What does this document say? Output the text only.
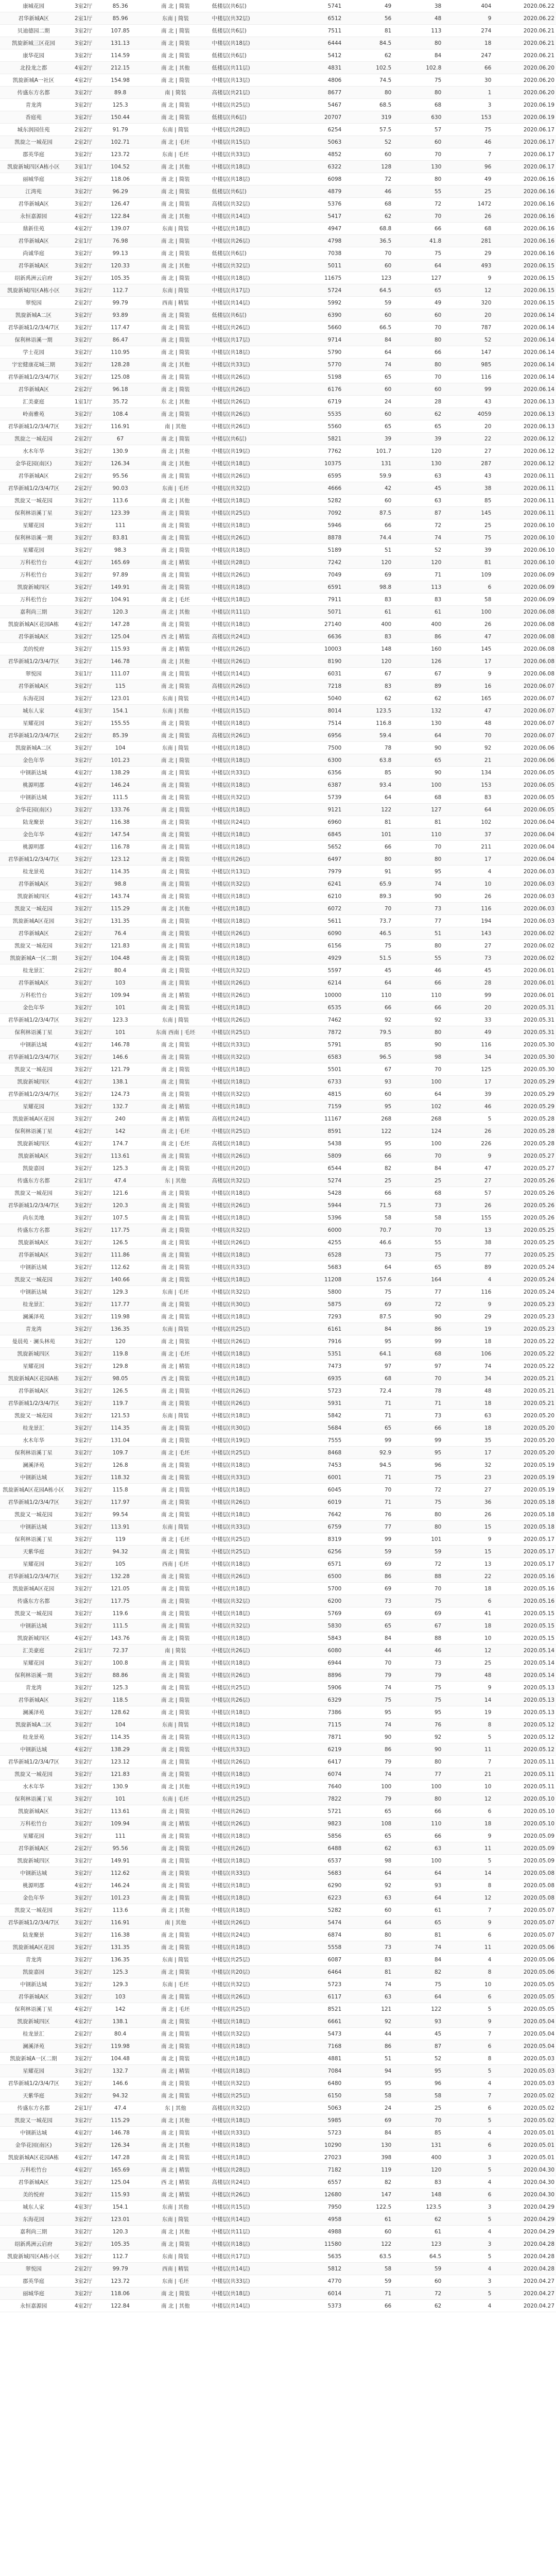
康城花园	3室2厅	85.36	南 北 | 简装	低楼层(共6层)	5741	49	38	404	2020.06.22
君华新城A区	2室1厅	85.96	东南 | 简装	中楼层(共32层)	6512	56	48	9	2020.06.22
贝迪德园二期	3室2厅	107.85	南 北 | 简装	低楼层(共6层)	7511	81	113	274	2020.06.21
凯旋新城三区花园	3室2厅	131.13	南 北 | 简装	中楼层(共18层)	6444	84.5	80	18	2020.06.21
康华花园	3室2厅	114.59	南 北 | 简装	低楼层(共6层)	5412	62	84	247	2020.06.21
北投龙之都	4室2厅	212.15	南 北 | 其他	低楼层(共11层)	4831	102.5	102.8	66	2020.06.20
凯旋新城A一社区	4室2厅	154.98	南 北 | 简装	中楼层(共13层)	4806	74.5	75	30	2020.06.20
传盛东方名都	3室2厅	89.8	南 | 简装	高楼层(共21层)	8677	80	80	1	2020.06.20
青龙湾	3室2厅	125.3	南 北 | 简装	中楼层(共25层)	5467	68.5	68	3	2020.06.19
香庭苑	3室2厅	150.44	南 北 | 简装	低楼层(共6层)	20707	319	630	153	2020.06.19
城东润园佳苑	2室2厅	91.79	东南 | 简装	中楼层(共28层)	6254	57.5	57	75	2020.06.17
凯旋之一城花园	2室2厅	102.71	南 北 | 毛坯	中楼层(共15层)	5063	52	60	46	2020.06.17
郡英华庭	3室2厅	123.72	东南 | 毛坯	中楼层(共33层)	4852	60	70	7	2020.06.17
凯旋新城四区A栋小区	3室1厅	104.52	南 北 | 其他	中楼层(共18层)	6322	128	130	96	2020.06.17
丽城华庭	3室2厅	118.06	南 北 | 简装	中楼层(共18层)	6098	72	80	49	2020.06.16
江湾苑	3室2厅	96.29	南 北 | 简装	低楼层(共6层)	4879	46	55	25	2020.06.16
君华新城A区	3室2厅	126.47	南 北 | 简装	高楼层(共32层)	5376	68	72	1472	2020.06.16
永恒嘉源园	4室2厅	122.84	南 北 | 其他	中楼层(共14层)	5417	62	70	26	2020.06.16
鼎新佳苑	4室2厅	139.07	东南 | 简装	中楼层(共18层)	4947	68.8	66	68	2020.06.16
君华新城A区	2室1厅	76.98	南 北 | 简装	中楼层(共26层)	4798	36.5	41.8	281	2020.06.16
尚诚华庭	3室2厅	99.13	南 北 | 简装	低楼层(共6层)	7038	70	75	29	2020.06.16
君华新城A区	3室2厅	120.33	南 北 | 其他	中楼层(共32层)	5011	60	64	493	2020.06.15
绍新禹洲云启府	3室2厅	105.35	南 北 | 简装	中楼层(共18层)	11675	123	127	9	2020.06.15
凯旋新城四区A栋小区	3室2厅	112.7	东南 | 简装	中楼层(共17层)	5724	64.5	65	12	2020.06.15
翠悦园	2室2厅	99.79	西南 | 精装	中楼层(共14层)	5992	59	49	320	2020.06.15
凯旋新城A二区	3室2厅	93.89	南 北 | 简装	低楼层(共6层)	6390	60	60	20	2020.06.14
君华新城1/2/3/4/7区	3室2厅	117.47	南 北 | 简装	中楼层(共26层)	5660	66.5	70	787	2020.06.14
保利林语溪一期	3室2厅	86.47	南 北 | 简装	中楼层(共17层)	9714	84	80	52	2020.06.14
学士花园	3室2厅	110.95	南 北 | 简装	中楼层(共18层)	5790	64	66	147	2020.06.14
宇宏健康花城三期	3室2厅	128.28	南 北 | 其他	中楼层(共33层)	5770	74	80	985	2020.06.14
君华新城1/2/3/4/7区	3室2厅	125.08	南 北 | 简装	中楼层(共26层)	5198	65	70	116	2020.06.14
君华新城A区	2室2厅	96.18	南 北 | 简装	中楼层(共26层)	6176	60	60	99	2020.06.14
汇美豪庭	1室1厅	35.72	东 北 | 其他	中楼层(共26层)	6719	24	28	43	2020.06.13
岭南雅苑	3室2厅	108.4	南 北 | 简装	中楼层(共26层)	5535	60	62	4059	2020.06.13
君华新城1/2/3/4/7区	3室2厅	116.91	南 | 其他	中楼层(共26层)	5560	65	65	20	2020.06.13
凯旋之一城花园	2室2厅	67	南 北 | 简装	中楼层(共6层)	5821	39	39	22	2020.06.12
水木年华	3室2厅	130.9	南 北 | 其他	中楼层(共19层)	7762	101.7	120	27	2020.06.12
金华花园(南区)	3室2厅	126.34	南 北 | 其他	中楼层(共18层)	10375	131	130	287	2020.06.12
君华新城A区	2室2厅	95.56	南 北 | 简装	中楼层(共26层)	6595	59.9	63	43	2020.06.11
君华新城1/2/3/4/7区	2室2厅	90.03	东南 | 毛坯	中楼层(共32层)	4666	42	45	38	2020.06.11
凯旋又一城花园	3室2厅	113.6	南 北 | 其他	中楼层(共18层)	5282	60	63	85	2020.06.11
保利林语溪丁星	3室2厅	123.39	南 北 | 简装	中楼层(共25层)	7092	87.5	87	145	2020.06.11
星耀花园	3室2厅	111	南 北 | 简装	中楼层(共18层)	5946	66	72	25	2020.06.10
保利林语溪一期	3室2厅	83.81	南 北 | 简装	中楼层(共26层)	8878	74.4	74	75	2020.06.10
星耀花园	3室2厅	98.3	南 北 | 简装	中楼层(共18层)	5189	51	52	39	2020.06.10
万科松竹台	4室2厅	165.69	南 北 | 精装	中楼层(共28层)	7242	120	120	81	2020.06.10
万科松竹台	3室2厅	97.89	南 北 | 简装	中楼层(共26层)	7049	69	71	109	2020.06.09
凯旋新城四区	3室2厅	149.91	南 北 | 简装	中楼层(共18层)	6591	98.8	113	6	2020.06.09
万科松竹台	3室2厅	104.91	南 北 | 毛坯	中楼层(共18层)	7911	83	83	58	2020.06.09
嘉利尚三期	3室2厅	120.3	南 北 | 其他	中楼层(共11层)	5071	61	61	100	2020.06.08
凯旋新城A区花园A栋	4室2厅	147.28	南 北 | 简装	中楼层(共18层)	27140	400	400	26	2020.06.08
君华新城A区	3室2厅	125.04	西 北 | 精装	高楼层(共24层)	6636	83	86	47	2020.06.08
美的悦府	3室2厅	115.93	南 北 | 精装	中楼层(共26层)	10003	148	160	145	2020.06.08
君华新城1/2/3/4/7区	3室2厅	146.78	南 北 | 其他	中楼层(共26层)	8190	120	126	17	2020.06.08
翠悦园	3室1厅	111.07	南 北 | 简装	中楼层(共14层)	6031	67	67	9	2020.06.08
君华新城A区	3室2厅	115	南 北 | 简装	高楼层(共26层)	7218	83	89	16	2020.06.07
东海花园	3室2厅	123.01	东南 | 简装	中楼层(共14层)	5040	62	62	165	2020.06.07
城东人家	4室3厅	154.1	东南 | 其他	中楼层(共15层)	8014	123.5	132	47	2020.06.07
星耀花园	3室2厅	155.55	南 北 | 简装	中楼层(共18层)	7514	116.8	130	48	2020.06.07
君华新城1/2/3/4/7区	2室2厅	85.39	南 北 | 简装	高楼层(共26层)	6956	59.4	64	70	2020.06.07
凯旋新城A二区	3室2厅	104	东南 | 简装	中楼层(共18层)	7500	78	90	92	2020.06.06
金色年华	3室2厅	101.23	南 北 | 简装	中楼层(共18层)	6300	63.8	65	21	2020.06.06
中钢新达城	4室2厅	138.29	南 北 | 简装	中楼层(共33层)	6356	85	90	134	2020.06.05
桃源明郡	4室2厅	146.24	南 北 | 简装	中楼层(共18层)	6387	93.4	100	153	2020.06.05
中钢新达城	3室2厅	111.5	南 北 | 简装	中楼层(共32层)	5739	64	68	83	2020.06.05
金华花园(南区)	3室2厅	133.76	南 北 | 简装	中楼层(共18层)	9121	122	127	64	2020.06.05
陆龙聚景	3室2厅	116.38	南 北 | 简装	中楼层(共24层)	6960	81	81	102	2020.06.04
金色年华	4室2厅	147.54	南 北 | 简装	中楼层(共18层)	6845	101	110	37	2020.06.04
桃源明郡	4室2厅	116.78	南 北 | 简装	中楼层(共18层)	5652	66	70	211	2020.06.04
君华新城1/2/3/4/7区	3室2厅	123.12	南 北 | 简装	中楼层(共26层)	6497	80	80	17	2020.06.04
桂龙景苑	3室2厅	114.35	南 北 | 简装	中楼层(共13层)	7979	91	95	4	2020.06.03
君华新城A区	3室2厅	98.8	南 北 | 简装	中楼层(共32层)	6241	65.9	74	10	2020.06.03
凯旋新城四区	4室2厅	143.74	南 北 | 简装	中楼层(共18层)	6210	89.3	90	26	2020.06.03
凯旋又一城花园	3室2厅	115.29	南 北 | 其他	中楼层(共18层)	6072	70	73	116	2020.06.03
凯旋新城A区花园	3室2厅	131.35	南 北 | 简装	中楼层(共18层)	5611	73.7	77	194	2020.06.03
君华新城A区	2室2厅	76.4	南 北 | 简装	中楼层(共26层)	6090	46.5	51	143	2020.06.02
凯旋又一城花园	3室2厅	121.83	南 北 | 简装	中楼层(共18层)	6156	75	80	27	2020.06.02
凯旋新城A一区二期	3室2厅	104.48	南 北 | 简装	中楼层(共18层)	4929	51.5	55	73	2020.06.02
桂龙景汇	2室2厅	80.4	南 北 | 简装	中楼层(共32层)	5597	45	46	45	2020.06.01
君华新城A区	3室2厅	103	南 北 | 简装	中楼层(共26层)	6214	64	66	28	2020.06.01
万科松竹台	3室2厅	109.94	南 北 | 精装	中楼层(共26层)	10000	110	110	99	2020.06.01
金色年华	3室2厅	101	南 北 | 简装	中楼层(共18层)	6535	66	66	20	2020.05.31
君华新城1/2/3/4/7区	3室2厅	123.3	东南 | 简装	中楼层(共26层)	7462	92	92	33	2020.05.31
保利林语溪丁星	3室2厅	101	东南 西南 | 毛坯	中楼层(共25层)	7872	79.5	80	49	2020.05.31
中钢新达城	4室2厅	146.78	南 北 | 简装	中楼层(共33层)	5791	85	90	116	2020.05.30
君华新城1/2/3/4/7区	3室2厅	146.6	南 北 | 简装	中楼层(共32层)	6583	96.5	98	34	2020.05.30
凯旋又一城花园	3室2厅	121.79	南 北 | 简装	中楼层(共18层)	5501	67	70	125	2020.05.30
凯旋新城四区	4室2厅	138.1	南 北 | 简装	中楼层(共18层)	6733	93	100	17	2020.05.29
君华新城1/2/3/4/7区	3室2厅	124.73	南 北 | 简装	中楼层(共32层)	4815	60	64	39	2020.05.29
星耀花园	3室2厅	132.7	南 北 | 精装	中楼层(共18层)	7159	95	102	46	2020.05.29
凯旋新城A区花园	3室2厅	240	南 北 | 精装	高楼层(共24层)	11167	268	268	5	2020.05.28
保利林语溪丁星	4室2厅	142	南 北 | 毛坯	中楼层(共25层)	8591	122	124	26	2020.05.28
凯旋新城四区	4室2厅	174.7	南 北 | 毛坯	高楼层(共18层)	5438	95	100	226	2020.05.28
凯旋新城A区	3室2厅	113.61	南 北 | 简装	中楼层(共26层)	5809	66	70	9	2020.05.27
凯旋嘉园	3室2厅	125.3	南 北 | 简装	中楼层(共20层)	6544	82	84	47	2020.05.27
传盛东方名都	2室1厅	47.4	东 | 其他	高楼层(共32层)	5274	25	25	27	2020.05.26
凯旋又一城花园	3室2厅	121.6	南 北 | 简装	中楼层(共18层)	5428	66	68	57	2020.05.26
君华新城1/2/3/4/7区	3室2厅	120.3	南 北 | 简装	中楼层(共26层)	5944	71.5	73	26	2020.05.26
尚东美地	3室2厅	107.5	南 北 | 简装	中楼层(共18层)	5396	58	58	155	2020.05.26
传盛东方名都	3室2厅	117.75	南 北 | 简装	中楼层(共32层)	6000	70.7	70	13	2020.05.25
凯旋新城A区	3室2厅	126.5	南 北 | 简装	中楼层(共26层)	4255	46.6	55	38	2020.05.25
君华新城A区	3室2厅	111.86	南 北 | 简装	中楼层(共18层)	6528	73	75	77	2020.05.25
中钢新达城	3室2厅	112.62	南 北 | 简装	中楼层(共33层)	5683	64	65	89	2020.05.24
凯旋又一城花园	3室2厅	140.66	南 北 | 简装	中楼层(共18层)	11208	157.6	164	4	2020.05.24
中钢新达城	3室2厅	129.3	东南 | 毛坯	中楼层(共32层)	5800	75	77	116	2020.05.24
桂龙景汇	3室2厅	117.77	南 北 | 简装	中楼层(共30层)	5875	69	72	9	2020.05.23
澜溪泽苑	3室2厅	119.98	南 北 | 简装	中楼层(共18层)	7293	87.5	90	29	2020.05.23
青龙湾	3室2厅	136.35	东南 | 简装	中楼层(共25层)	6161	84	86	19	2020.05.23
曼晨苑 · 澜头林苑	3室2厅	120	南 北 | 简装	中楼层(共26层)	7916	95	99	18	2020.05.22
凯旋新城四区	3室2厅	119.8	南 北 | 毛坯	中楼层(共18层)	5351	64.1	68	106	2020.05.22
星耀花园	3室2厅	129.8	南 北 | 精装	中楼层(共18层)	7473	97	97	74	2020.05.22
凯旋新城A区花园A栋	3室2厅	98.05	西 北 | 简装	中楼层(共18层)	6935	68	70	34	2020.05.21
君华新城A区	3室2厅	126.5	南 北 | 简装	中楼层(共26层)	5723	72.4	78	48	2020.05.21
君华新城1/2/3/4/7区	3室2厅	119.7	南 北 | 简装	中楼层(共26层)	5931	71	71	18	2020.05.21
凯旋又一城花园	3室2厅	121.53	东南 | 简装	中楼层(共18层)	5842	71	73	63	2020.05.20
桂龙景汇	3室2厅	114.35	南 北 | 简装	中楼层(共30层)	5684	65	66	18	2020.05.20
水木年华	3室2厅	131.04	南 北 | 简装	中楼层(共19层)	7555	99	99	35	2020.05.20
保利林语溪丁星	3室2厅	109.7	南 北 | 毛坯	中楼层(共25层)	8468	92.9	95	17	2020.05.20
澜溪泽苑	3室2厅	126.8	南 北 | 简装	中楼层(共18层)	7453	94.5	96	32	2020.05.19
中钢新达城	3室2厅	118.32	南 北 | 简装	中楼层(共33层)	6001	71	75	23	2020.05.19
凯旋新城A区花园A栋小区	3室2厅	115.8	南 北 | 简装	中楼层(共18层)	6045	70	72	27	2020.05.19
君华新城1/2/3/4/7区	3室2厅	117.97	南 北 | 简装	中楼层(共26层)	6019	71	75	36	2020.05.18
凯旋又一城花园	3室2厅	99.54	南 北 | 简装	中楼层(共18层)	7642	76	80	26	2020.05.18
中钢新达城	3室2厅	113.91	东南 | 简装	中楼层(共33层)	6759	77	80	15	2020.05.18
保利林语溪丁星	3室2厅	119	南 北 | 毛坯	中楼层(共25层)	8319	99	101	9	2020.05.17
天紫华庭	3室2厅	94.32	南 北 | 简装	中楼层(共25层)	6256	59	59	15	2020.05.17
星耀花园	3室2厅	105	西南 | 毛坯	中楼层(共18层)	6571	69	72	13	2020.05.17
君华新城1/2/3/4/7区	3室2厅	132.28	南 北 | 简装	中楼层(共26层)	6500	86	88	22	2020.05.16
凯旋新城A区花园	3室2厅	121.05	南 北 | 简装	中楼层(共18层)	5700	69	70	18	2020.05.16
传盛东方名都	3室2厅	117.75	南 北 | 简装	中楼层(共32层)	6200	73	75	6	2020.05.16
凯旋又一城花园	3室2厅	119.6	南 北 | 简装	中楼层(共18层)	5769	69	69	41	2020.05.15
中钢新达城	3室2厅	111.5	南 北 | 简装	中楼层(共32层)	5830	65	67	18	2020.05.15
凯旋新城四区	4室2厅	143.76	南 北 | 简装	中楼层(共18层)	5843	84	88	10	2020.05.15
汇美豪庭	2室1厅	72.37	南 | 简装	中楼层(共26层)	6080	44	46	12	2020.05.14
星耀花园	3室2厅	100.8	南 北 | 简装	中楼层(共18层)	6944	70	73	25	2020.05.14
保利林语溪一期	3室2厅	88.86	南 北 | 简装	中楼层(共26层)	8896	79	79	48	2020.05.14
青龙湾	3室2厅	125.3	南 北 | 简装	中楼层(共25层)	5906	74	75	9	2020.05.13
君华新城A区	3室2厅	118.5	南 北 | 简装	中楼层(共26层)	6329	75	75	14	2020.05.13
澜溪泽苑	3室2厅	128.62	南 北 | 简装	中楼层(共18层)	7386	95	95	19	2020.05.13
凯旋新城A二区	3室2厅	104	东南 | 简装	中楼层(共18层)	7115	74	76	8	2020.05.12
桂龙景苑	3室2厅	114.35	南 北 | 简装	中楼层(共13层)	7871	90	92	5	2020.05.12
中钢新达城	4室2厅	138.29	南 北 | 简装	中楼层(共33层)	6219	86	90	11	2020.05.12
君华新城1/2/3/4/7区	3室2厅	123.12	南 北 | 简装	中楼层(共26层)	6417	79	80	7	2020.05.11
凯旋又一城花园	3室2厅	121.83	南 北 | 简装	中楼层(共18层)	6074	74	77	21	2020.05.11
水木年华	3室2厅	130.9	南 北 | 其他	中楼层(共19层)	7640	100	100	10	2020.05.11
保利林语溪丁星	3室2厅	101	东南 | 毛坯	中楼层(共25层)	7822	79	80	12	2020.05.10
凯旋新城A区	3室2厅	113.61	南 北 | 简装	中楼层(共26层)	5721	65	66	6	2020.05.10
万科松竹台	3室2厅	109.94	南 北 | 精装	中楼层(共26层)	9823	108	110	18	2020.05.10
星耀花园	3室2厅	111	南 北 | 简装	中楼层(共18层)	5856	65	66	9	2020.05.09
君华新城A区	2室2厅	95.56	南 北 | 简装	中楼层(共26层)	6488	62	63	11	2020.05.09
凯旋新城四区	3室2厅	149.91	南 北 | 简装	中楼层(共18层)	6537	98	100	5	2020.05.09
中钢新达城	3室2厅	112.62	南 北 | 简装	中楼层(共33层)	5683	64	64	14	2020.05.08
桃源明郡	4室2厅	146.24	南 北 | 简装	中楼层(共18层)	6290	92	93	8	2020.05.08
金色年华	3室2厅	101.23	南 北 | 简装	中楼层(共18层)	6223	63	64	12	2020.05.08
凯旋又一城花园	3室2厅	113.6	南 北 | 其他	中楼层(共18层)	5282	60	61	7	2020.05.07
君华新城1/2/3/4/7区	3室2厅	116.91	南 | 其他	中楼层(共26层)	5474	64	65	9	2020.05.07
陆龙聚景	3室2厅	116.38	南 北 | 简装	中楼层(共24层)	6874	80	81	6	2020.05.07
凯旋新城A区花园	3室2厅	131.35	南 北 | 简装	中楼层(共18层)	5558	73	74	11	2020.05.06
青龙湾	3室2厅	136.35	东南 | 简装	中楼层(共25层)	6087	83	84	4	2020.05.06
凯旋嘉园	3室2厅	125.3	南 北 | 简装	中楼层(共20层)	6464	81	82	8	2020.05.06
中钢新达城	3室2厅	129.3	东南 | 毛坯	中楼层(共32层)	5723	74	75	10	2020.05.05
君华新城A区	3室2厅	103	南 北 | 简装	中楼层(共26层)	6117	63	64	6	2020.05.05
保利林语溪丁星	4室2厅	142	南 北 | 毛坯	中楼层(共25层)	8521	121	122	5	2020.05.05
凯旋新城四区	4室2厅	138.1	南 北 | 简装	中楼层(共18层)	6661	92	93	9	2020.05.04
桂龙景汇	2室2厅	80.4	南 北 | 简装	中楼层(共32层)	5473	44	45	7	2020.05.04
澜溪泽苑	3室2厅	119.98	南 北 | 简装	中楼层(共18层)	7168	86	87	6	2020.05.04
凯旋新城A一区二期	3室2厅	104.48	南 北 | 简装	中楼层(共18层)	4881	51	52	8	2020.05.03
星耀花园	3室2厅	132.7	南 北 | 精装	中楼层(共18层)	7084	94	95	5	2020.05.03
君华新城1/2/3/4/7区	3室2厅	146.6	南 北 | 简装	中楼层(共32层)	6480	95	96	4	2020.05.03
天紫华庭	3室2厅	94.32	南 北 | 简装	中楼层(共25层)	6150	58	58	7	2020.05.02
传盛东方名都	2室1厅	47.4	东 | 其他	高楼层(共32层)	5063	24	25	6	2020.05.02
凯旋又一城花园	3室2厅	115.29	南 北 | 其他	中楼层(共18层)	5985	69	70	5	2020.05.02
中钢新达城	4室2厅	146.78	南 北 | 简装	中楼层(共33层)	5723	84	85	4	2020.05.01
金华花园(南区)	3室2厅	126.34	南 北 | 其他	中楼层(共18层)	10290	130	131	6	2020.05.01
凯旋新城A区花园A栋	4室2厅	147.28	南 北 | 简装	中楼层(共18层)	27023	398	400	3	2020.05.01
万科松竹台	4室2厅	165.69	南 北 | 精装	中楼层(共28层)	7182	119	120	5	2020.04.30
君华新城A区	3室2厅	125.04	西 北 | 精装	高楼层(共24层)	6557	82	83	4	2020.04.30
美的悦府	3室2厅	115.93	南 北 | 精装	中楼层(共26层)	12680	147	148	6	2020.04.30
城东人家	4室3厅	154.1	东南 | 其他	中楼层(共15层)	7950	122.5	123.5	3	2020.04.29
东海花园	3室2厅	123.01	东南 | 简装	中楼层(共14层)	4958	61	62	5	2020.04.29
嘉利尚三期	3室2厅	120.3	南 北 | 其他	中楼层(共11层)	4988	60	61	4	2020.04.29
绍新禹洲云启府	3室2厅	105.35	南 北 | 简装	中楼层(共18层)	11580	122	123	3	2020.04.28
凯旋新城四区A栋小区	3室2厅	112.7	东南 | 简装	中楼层(共17层)	5635	63.5	64.5	5	2020.04.28
翠悦园	2室2厅	99.79	西南 | 精装	中楼层(共14层)	5812	58	59	4	2020.04.28
郡英华庭	3室2厅	123.72	东南 | 毛坯	中楼层(共33层)	4770	59	60	3	2020.04.27
丽城华庭	3室2厅	118.06	南 北 | 简装	中楼层(共18层)	6014	71	72	5	2020.04.27
永恒嘉源园	4室2厅	122.84	南 北 | 其他	中楼层(共14层)	5373	66	62	4	2020.04.27
